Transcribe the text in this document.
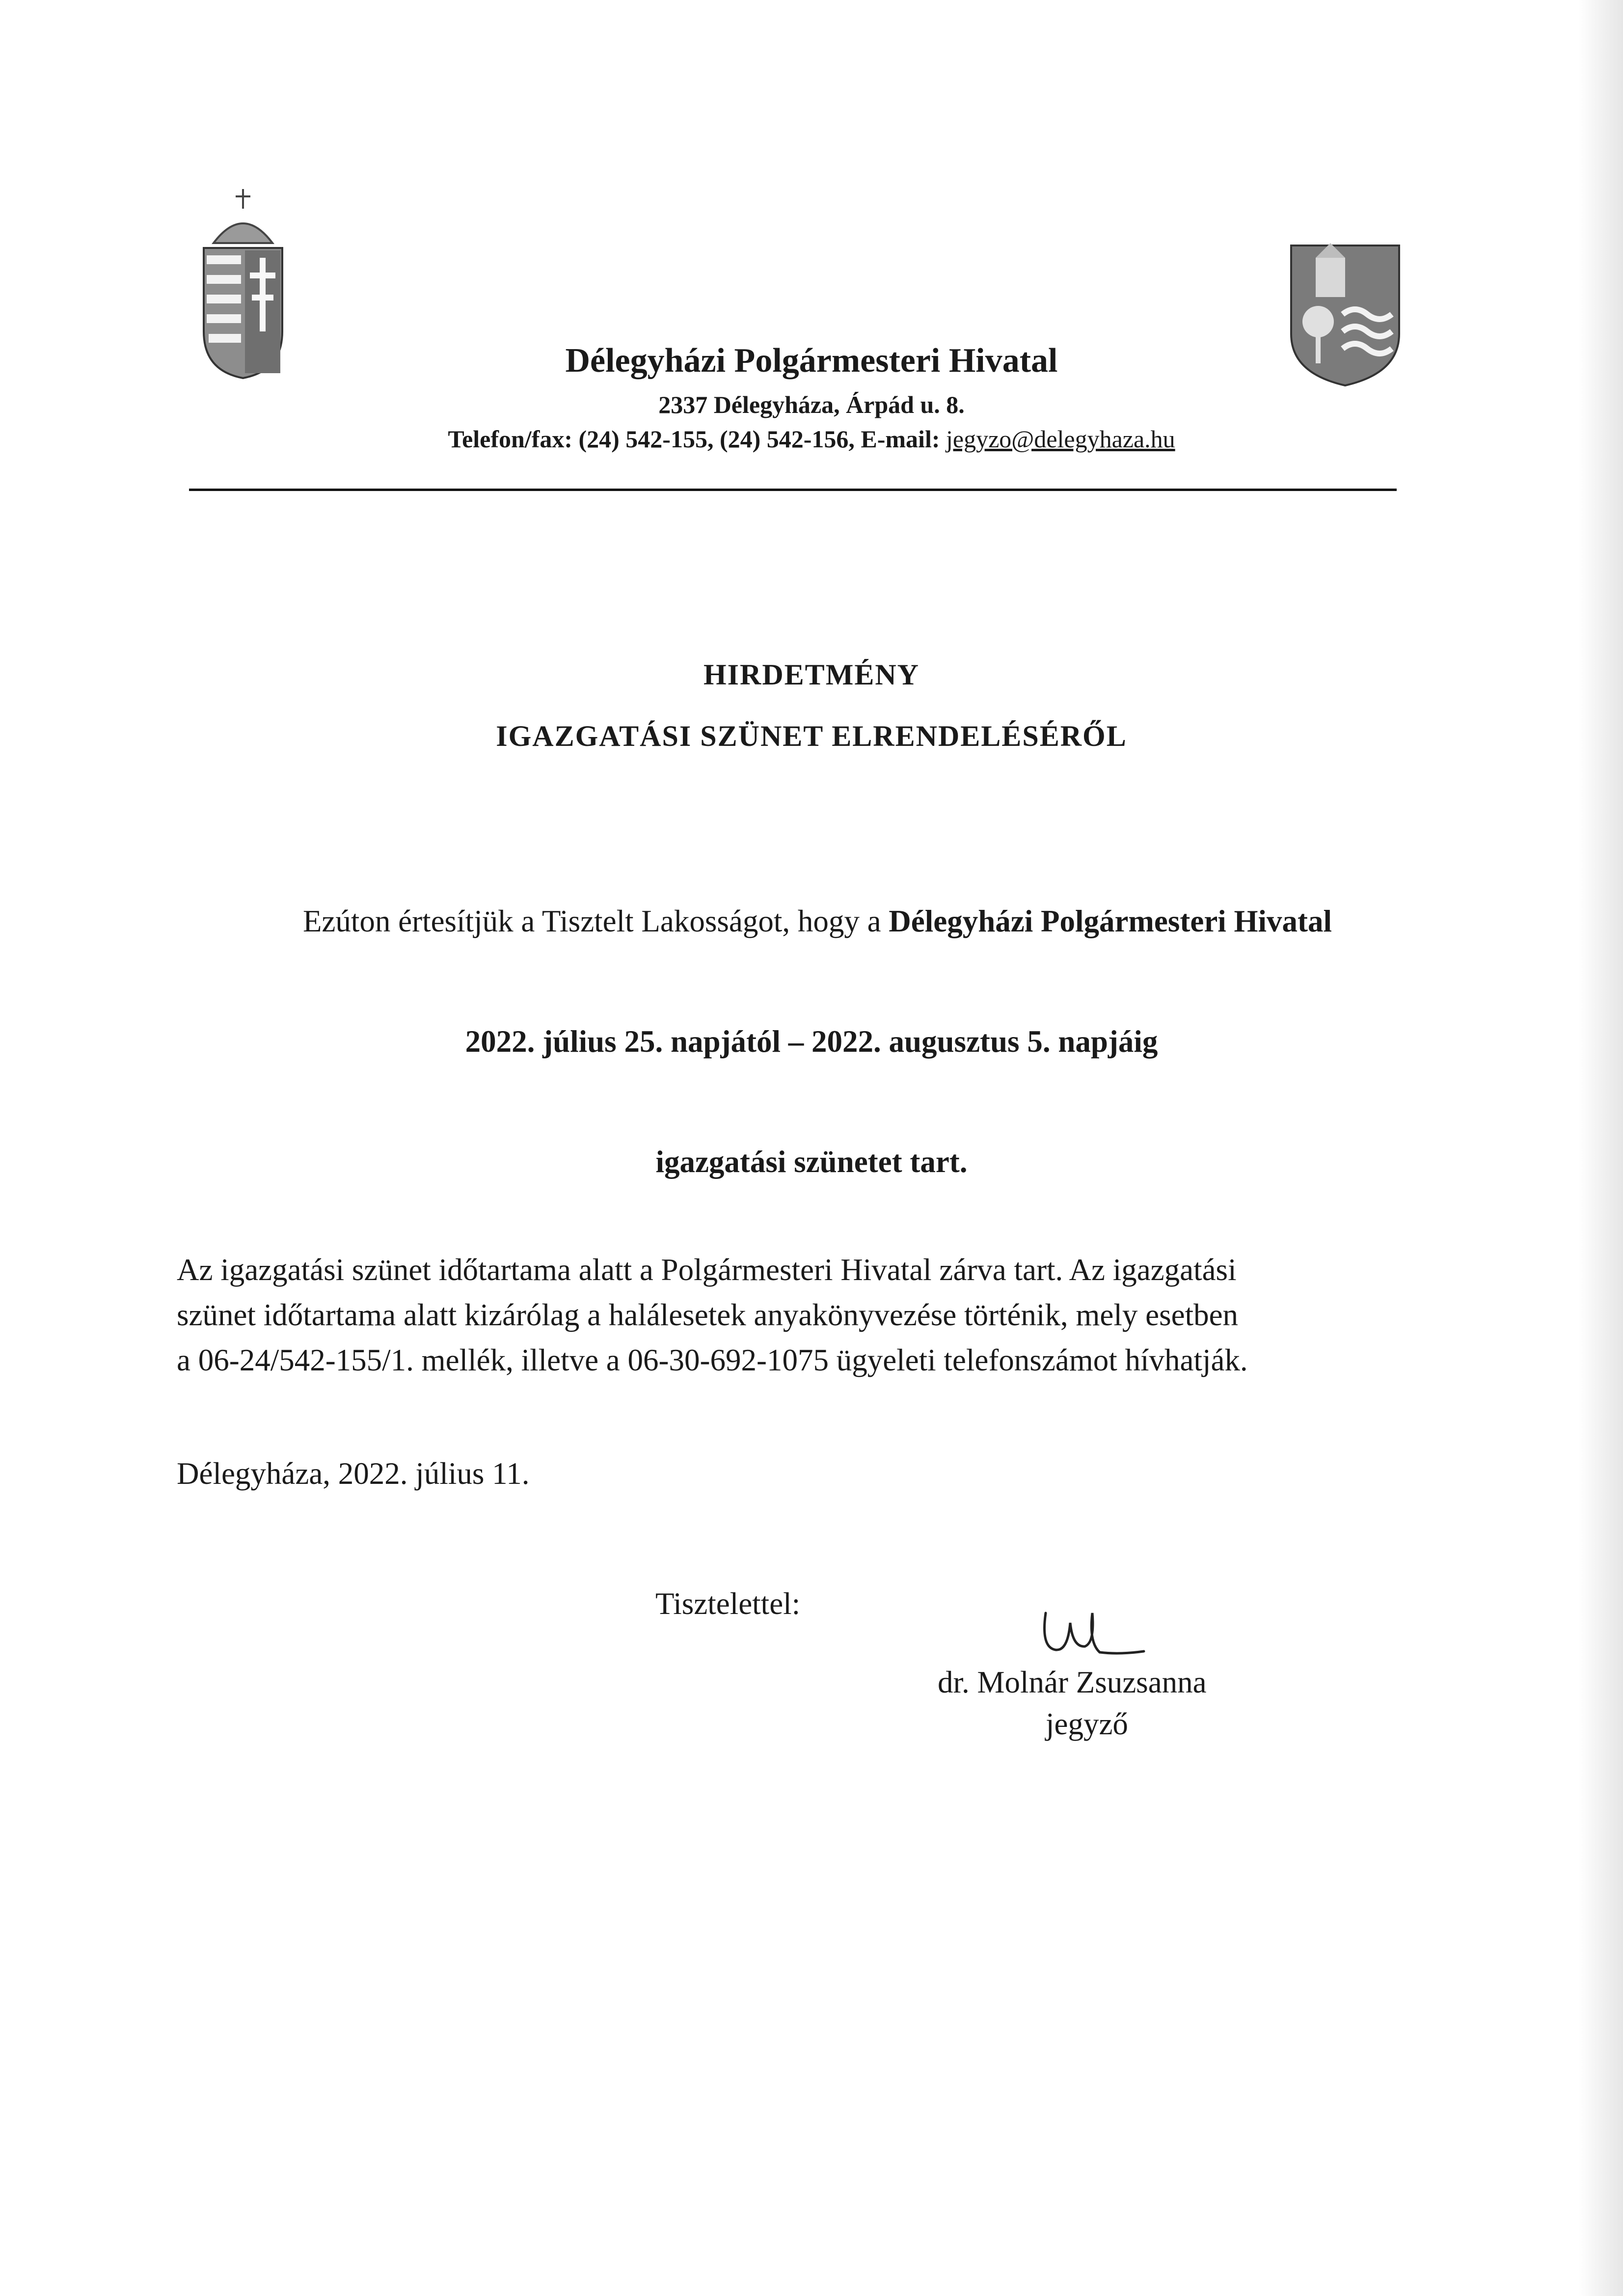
Délegyházi Polgármesteri Hivatal
2337 Délegyháza, Árpád u. 8.
Telefon/fax: (24) 542-155, (24) 542-156, E-mail: jegyzo@delegyhaza.hu
HIRDETMÉNY
IGAZGATÁSI SZÜNET ELRENDELÉSÉRŐL
Ezúton értesítjük a Tisztelt Lakosságot, hogy a Délegyházi Polgármesteri Hivatal
2022. július 25. napjától – 2022. augusztus 5. napjáig
igazgatási szünetet tart.
Az igazgatási szünet időtartama alatt a Polgármesteri Hivatal zárva tart. Az igazgatási
szünet időtartama alatt kizárólag a halálesetek anyakönyvezése történik, mely esetben
a 06-24/542-155/1. mellék, illetve a 06-30-692-1075 ügyeleti telefonszámot hívhatják.
Délegyháza, 2022. július 11.
Tisztelettel:
dr. Molnár Zsuzsanna
jegyző
